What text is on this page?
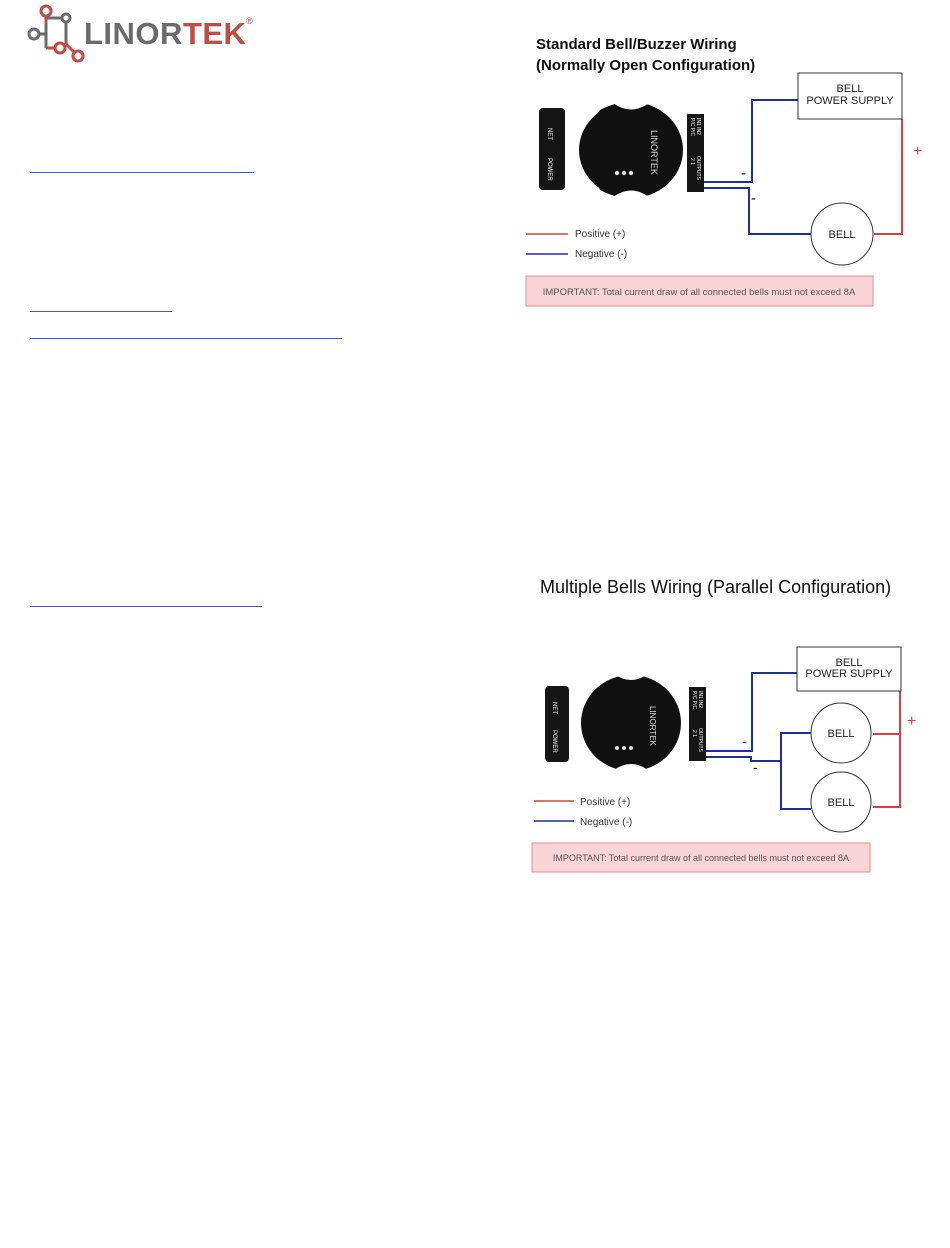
LINORTEK ®
Standard Bell/Buzzer Wiring
(Normally Open Configuration)
NET
POWER	LINORTEK
P/C P/C IN1 IN2
OUTPUTS
2 1
-
-
+
BELL
POWER SUPPLY
BELL
Positive (+)
Negative (-)
IMPORTANT: Total current draw of all connected bells must not exceed 8A
Multiple Bells Wiring (Parallel Configuration)
NET
POWER	LINORTEK
P/C P/C IN1 IN2
OUTPUTS
2 1	-
-
+
BELL
POWER SUPPLY
BELL
BELL
Positive (+)
Negative (-)
IMPORTANT: Total current draw of all connected bells must not exceed 8A
